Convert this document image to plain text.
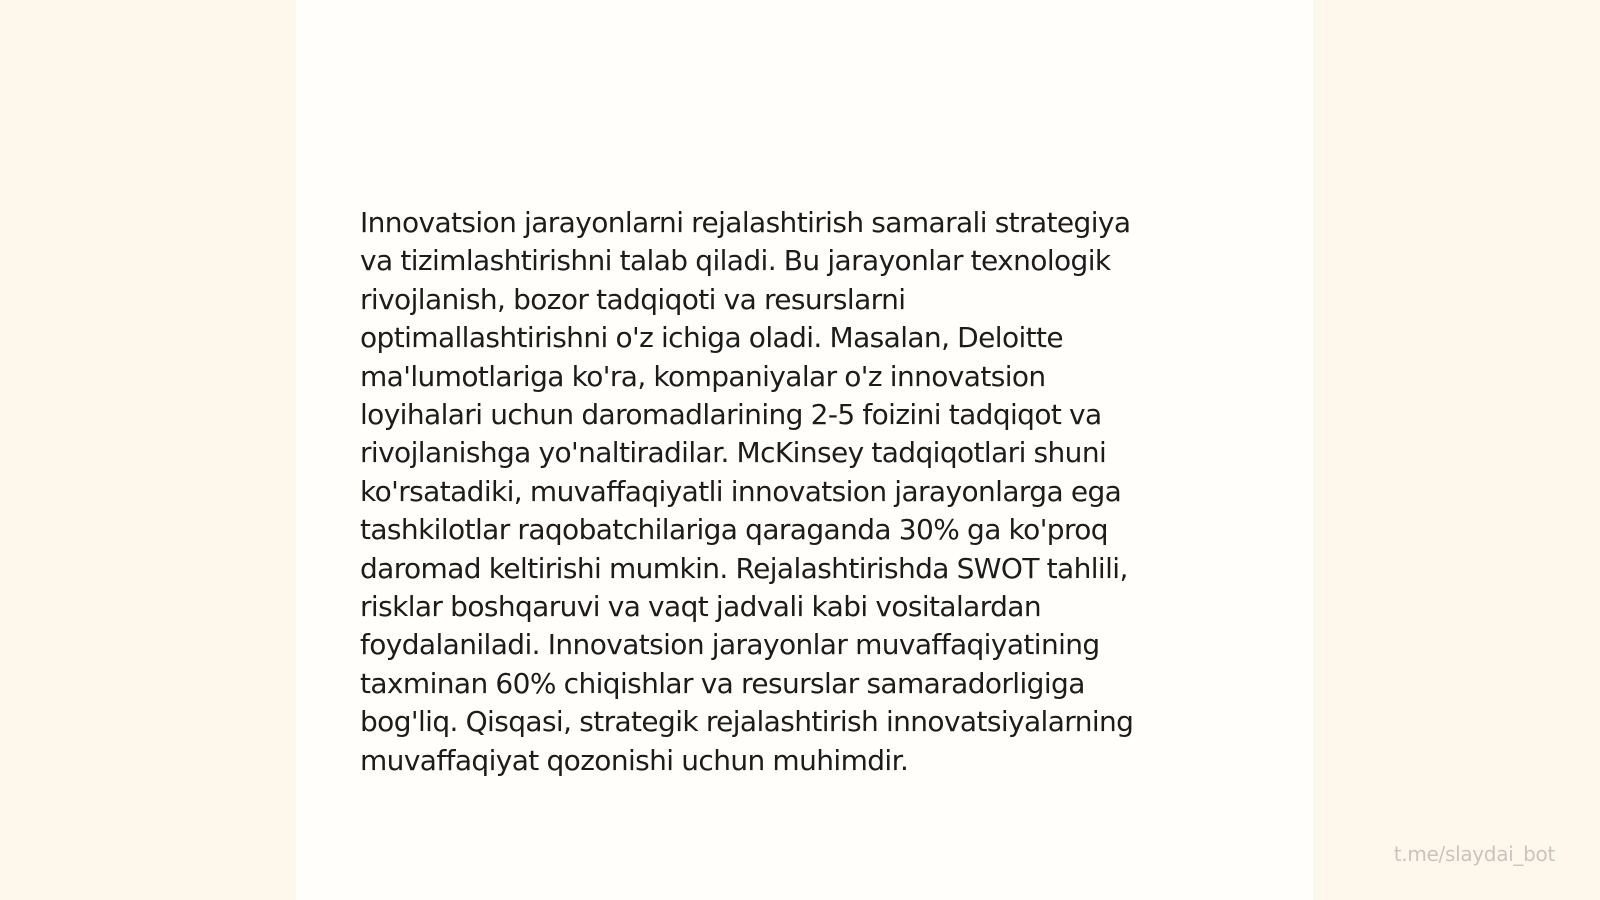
Innovatsion jarayonlarni rejalashtirish samarali strategiya
va tizimlashtirishni talab qiladi. Bu jarayonlar texnologik
rivojlanish, bozor tadqiqoti va resurslarni
optimallashtirishni o'z ichiga oladi. Masalan, Deloitte
ma'lumotlariga ko'ra, kompaniyalar o'z innovatsion
loyihalari uchun daromadlarining 2-5 foizini tadqiqot va
rivojlanishga yo'naltiradilar. McKinsey tadqiqotlari shuni
ko'rsatadiki, muvaffaqiyatli innovatsion jarayonlarga ega
tashkilotlar raqobatchilariga qaraganda 30% ga ko'proq
daromad keltirishi mumkin. Rejalashtirishda SWOT tahlili,
risklar boshqaruvi va vaqt jadvali kabi vositalardan
foydalaniladi. Innovatsion jarayonlar muvaffaqiyatining
taxminan 60% chiqishlar va resurslar samaradorligiga
bog'liq. Qisqasi, strategik rejalashtirish innovatsiyalarning
muvaffaqiyat qozonishi uchun muhimdir.

t.me/slaydai_bot
